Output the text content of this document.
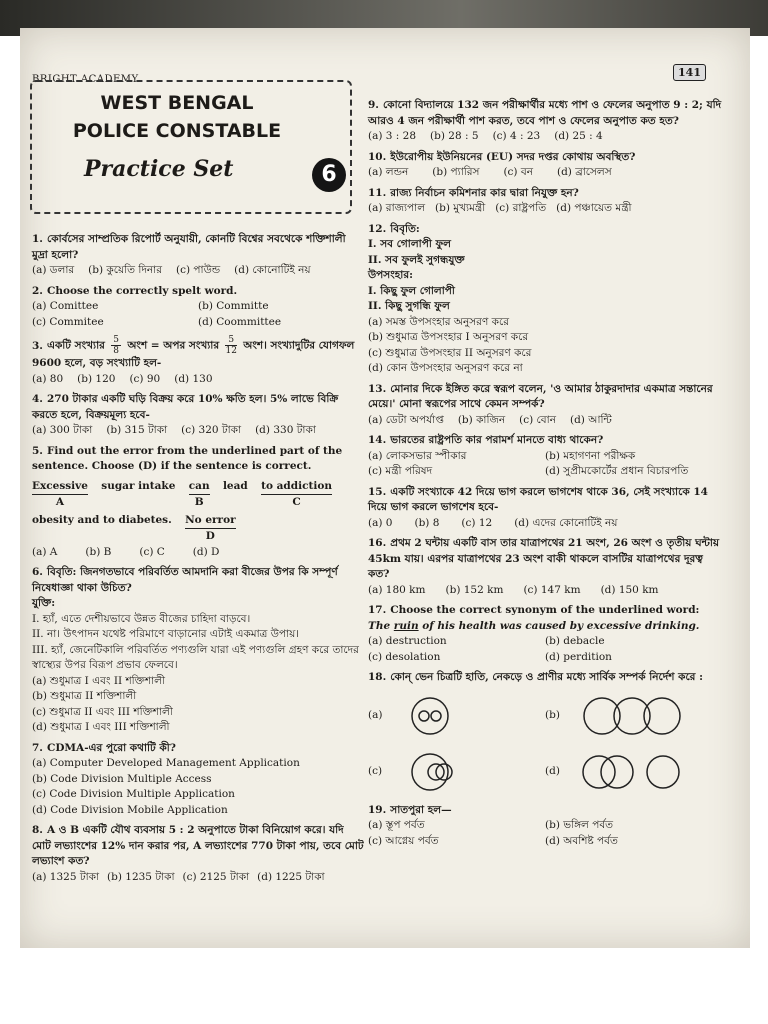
BRIGHT ACADEMY
141
WEST BENGAL
POLICE CONSTABLE
Practice Set	6
1. কোর্বসের সাম্প্রতিক রিপোর্ট অনুযায়ী, কোনটি বিশ্বের সবথেকে শক্তিশালী মুদ্রা হলো?
(a) ডলার (b) কুয়েতি দিনার (c) পাউন্ড (d) কোনোটিই নয়
2. Choose the correctly spelt word.
(a) Comittee	(b) Committe
(c) Commitee	(d) Coommittee
3. একটি সংখ্যার $\frac{5}{8}$ অংশ = অপর সংখ্যার $\frac{5}{12}$ অংশ। সংখ্যাদুটির যোগফল 9600 হলে, বড় সংখ্যাটি হল-
(a) 80 (b) 120 (c) 90 (d) 130
4. 270 টাকার একটি ঘড়ি বিক্রয় করে 10% ক্ষতি হল। 5% লাভে বিক্রি করতে হলে, বিক্রয়মূল্য হবে-
(a) 300 টাকা (b) 315 টাকা (c) 320 টাকা (d) 330 টাকা
5. Find out the error from the underlined part of the sentence. Choose (D) if the sentence is correct.
Excessive
A sugar intake can
B lead to addiction
C
obesity and to diabetes. No error
D
(a) A	(b) B	(c) C	(d) D
6. বিবৃতি: জিনগতভাবে পরিবর্তিত আমদানি করা বীজের উপর কি সম্পূর্ণ নিষেধাজ্ঞা থাকা উচিত?
যুক্তি:
I. হ্যাঁ, এতে দেশীয়ভাবে উন্নত বীজের চাহিদা বাড়বে।
II. না। উৎপাদন যথেষ্ট পরিমাণে বাড়ানোর এটাই একমাত্র উপায়।
III. হ্যাঁ, জেনেটিকালি পরিবর্তিত পণ্যগুলি যারা এই পণ্যগুলি গ্রহণ করে তাদের স্বাস্থ্যের উপর বিরূপ প্রভাব ফেলবে।
(a) শুধুমাত্র I এবং II শক্তিশালী
(b) শুধুমাত্র II শক্তিশালী
(c) শুধুমাত্র II এবং III শক্তিশালী
(d) শুধুমাত্র I এবং III শক্তিশালী
7. CDMA-এর পুরো কথাটি কী?
(a) Computer Developed Management Application
(b) Code Division Multiple Access
(c) Code Division Multiple Application
(d) Code Division Mobile Application
8. A ও B একটি যৌথ ব্যবসায় 5 : 2 অনুপাতে টাকা বিনিয়োগ করে। যদি মোট লভ্যাংশের 12% দান করার পর, A লভ্যাংশের 770 টাকা পায়, তবে মোট লভ্যাংশ কত?
(a) 1325 টাকা (b) 1235 টাকা (c) 2125 টাকা (d) 1225 টাকা
9. কোনো বিদ্যালয়ে 132 জন পরীক্ষার্থীর মধ্যে পাশ ও ফেলের অনুপাত 9 : 2; যদি আরও 4 জন পরীক্ষার্থী পাশ করত, তবে পাশ ও ফেলের অনুপাত কত হত?
(a) 3 : 28 (b) 28 : 5 (c) 4 : 23 (d) 25 : 4
10. ইউরোপীয় ইউনিয়নের (EU) সদর দপ্তর কোথায় অবস্থিত?
(a) লন্ডন (b) প্যারিস (c) বন (d) ব্রাসেলস
11. রাজ্য নির্বাচন কমিশনার কার দ্বারা নিযুক্ত হন?
(a) রাজ্যপাল (b) মুখ্যমন্ত্রী (c) রাষ্ট্রপতি (d) পঞ্চায়েত মন্ত্রী
12. বিবৃতি:
I. সব গোলাপী ফুল
II. সব ফুলই সুগন্ধযুক্ত
উপসংহার:
I. কিছু ফুল গোলাপী
II. কিছু সুগন্ধি ফুল
(a) সমস্ত উপসংহার অনুসরণ করে
(b) শুধুমাত্র উপসংহার I অনুসরণ করে
(c) শুধুমাত্র উপসংহার II অনুসরণ করে
(d) কোন উপসংহার অনুসরণ করে না
13. মোনার দিকে ইঙ্গিত করে স্বরূপ বলেন, 'ও আমার ঠাকুরদাদার একমাত্র সন্তানের মেয়ে।' মোনা স্বরূপের সাথে কেমন সম্পর্ক?
(a) ডেটা অপর্যাপ্ত (b) কাজিন (c) বোন (d) আন্টি
14. ভারতের রাষ্ট্রপতি কার পরামর্শ মানতে বাধ্য থাকেন?
(a) লোকসভার স্পীকার	(b) মহাগণনা পরীক্ষক
(c) মন্ত্রী পরিষদ	(d) সুপ্রীমকোর্টের প্রধান বিচারপতি
15. একটি সংখ্যাকে 42 দিয়ে ভাগ করলে ভাগশেষ থাকে 36, সেই সংখ্যাকে 14 দিয়ে ভাগ করলে ভাগশেষ হবে-
(a) 0 (b) 8 (c) 12 (d) এদের কোনোটিই নয়
16. প্রথম 2 ঘন্টায় একটি বাস তার যাত্রাপথের 21 অংশ, 26 অংশ ও তৃতীয় ঘন্টায় 45km যায়। এরপর যাত্রাপথের 23 অংশ বাকী থাকলে বাসটির যাত্রাপথের দূরত্ব কত?
(a) 180 km (b) 152 km (c) 147 km (d) 150 km
17. Choose the correct synonym of the underlined word:
The ruin of his health was caused by excessive drinking.
(a) destruction	(b) debacle
(c) desolation	(d) perdition
18. কোন্ ভেন চিত্রটি হাতি, নেকড়ে ও প্রাণীর মধ্যে সার্বিক সম্পর্ক নির্দেশ করে :
(a)	(b)
(c)	(d)
19. সাতপুরা হল—
(a) স্তূপ পর্বত	(b) ভঙ্গিল পর্বত
(c) আগ্নেয় পর্বত	(d) অবশিষ্ট পর্বত
